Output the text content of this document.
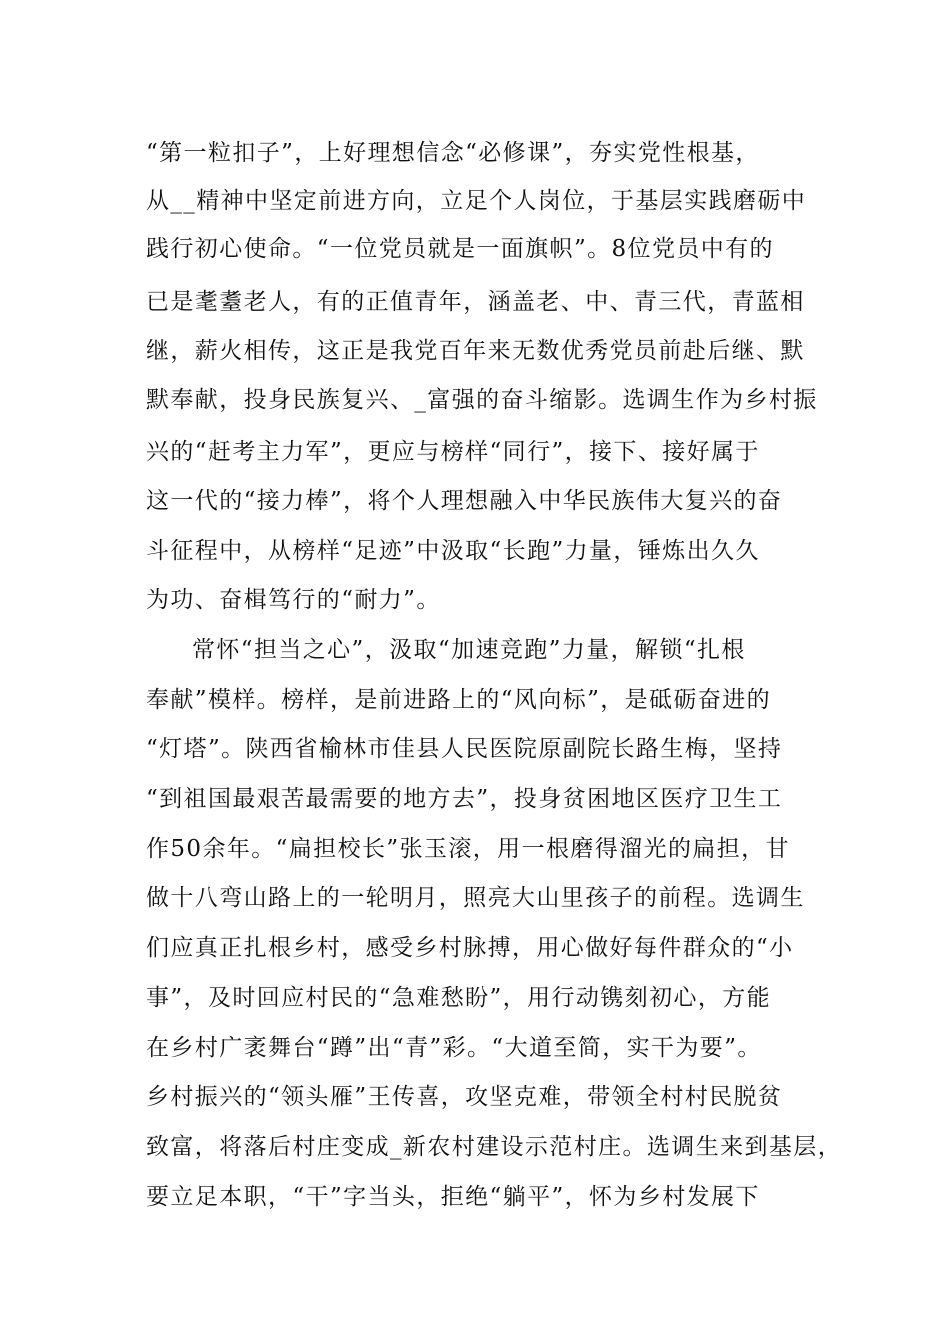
“第一粒扣子”，上好理想信念“必修课”，夯实党性根基，
从__精神中坚定前进方向，立足个人岗位，于基层实践磨砺中
践行初心使命。“一位党员就是一面旗帜”。8位党员中有的
已是耄耋老人，有的正值青年，涵盖老、中、青三代，青蓝相
继，薪火相传，这正是我党百年来无数优秀党员前赴后继、默
默奉献，投身民族复兴、_富强的奋斗缩影。选调生作为乡村振
兴的“赶考主力军”，更应与榜样“同行”，接下、接好属于
这一代的“接力棒”，将个人理想融入中华民族伟大复兴的奋
斗征程中，从榜样“足迹”中汲取“长跑”力量，锤炼出久久
为功、奋楫笃行的“耐力”。
常怀“担当之心”，汲取“加速竞跑”力量，解锁“扎根
奉献”模样。榜样，是前进路上的“风向标”，是砥砺奋进的
“灯塔”。陕西省榆林市佳县人民医院原副院长路生梅，坚持
“到祖国最艰苦最需要的地方去”，投身贫困地区医疗卫生工
作50余年。“扁担校长”张玉滚，用一根磨得溜光的扁担，甘
做十八弯山路上的一轮明月，照亮大山里孩子的前程。选调生
们应真正扎根乡村，感受乡村脉搏，用心做好每件群众的“小
事”，及时回应村民的“急难愁盼”，用行动镌刻初心，方能
在乡村广袤舞台“蹲”出“青”彩。“大道至简，实干为要”。
乡村振兴的“领头雁”王传喜，攻坚克难，带领全村村民脱贫
致富，将落后村庄变成_新农村建设示范村庄。选调生来到基层，
要立足本职，“干”字当头，拒绝“躺平”，怀为乡村发展下
